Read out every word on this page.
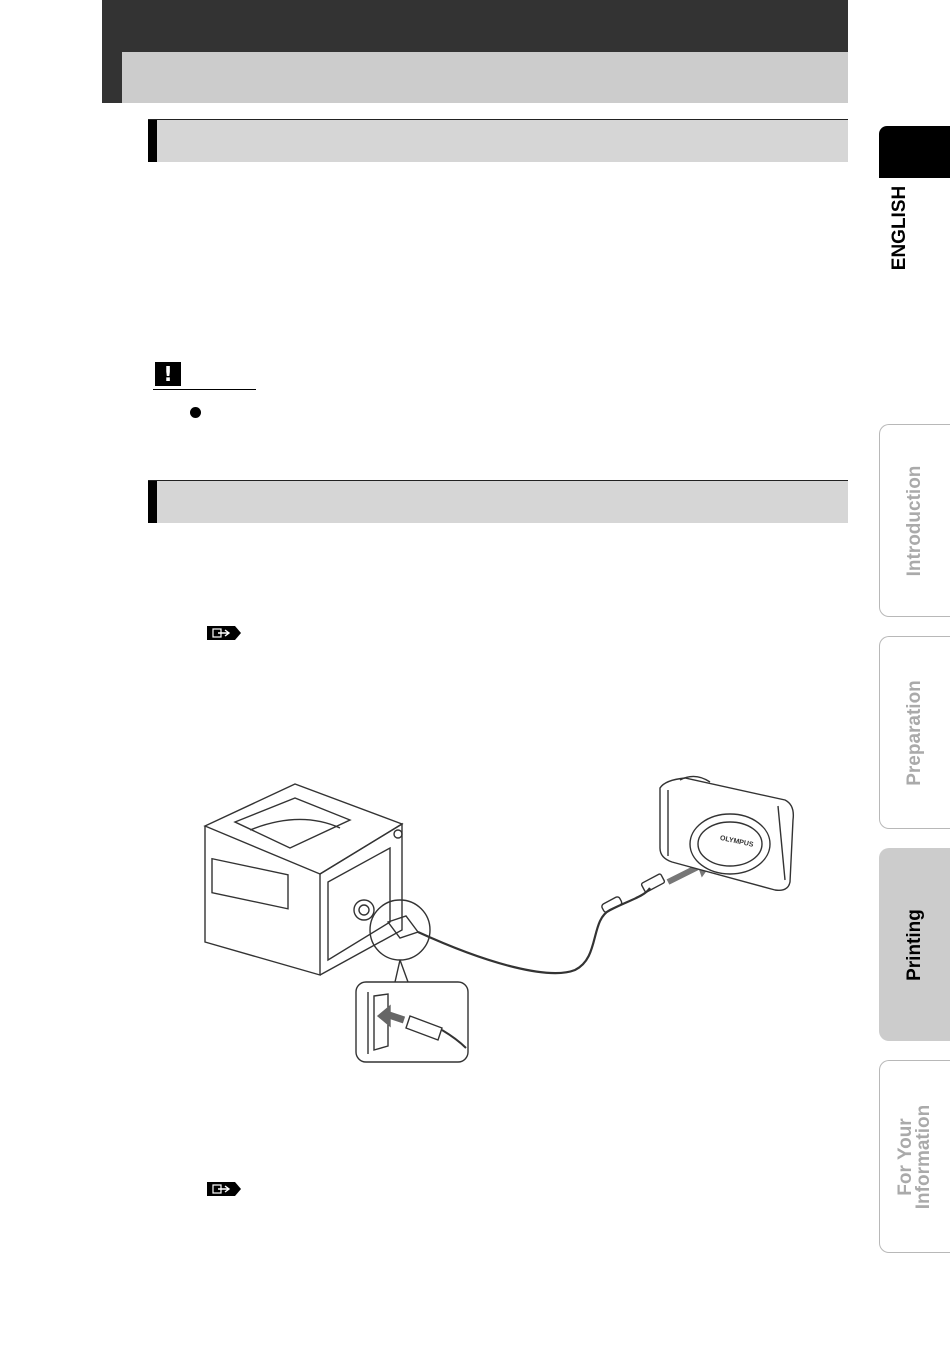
!
OLYMPUS
ENGLISH
Introduction
Preparation
Printing
For Your
Information
